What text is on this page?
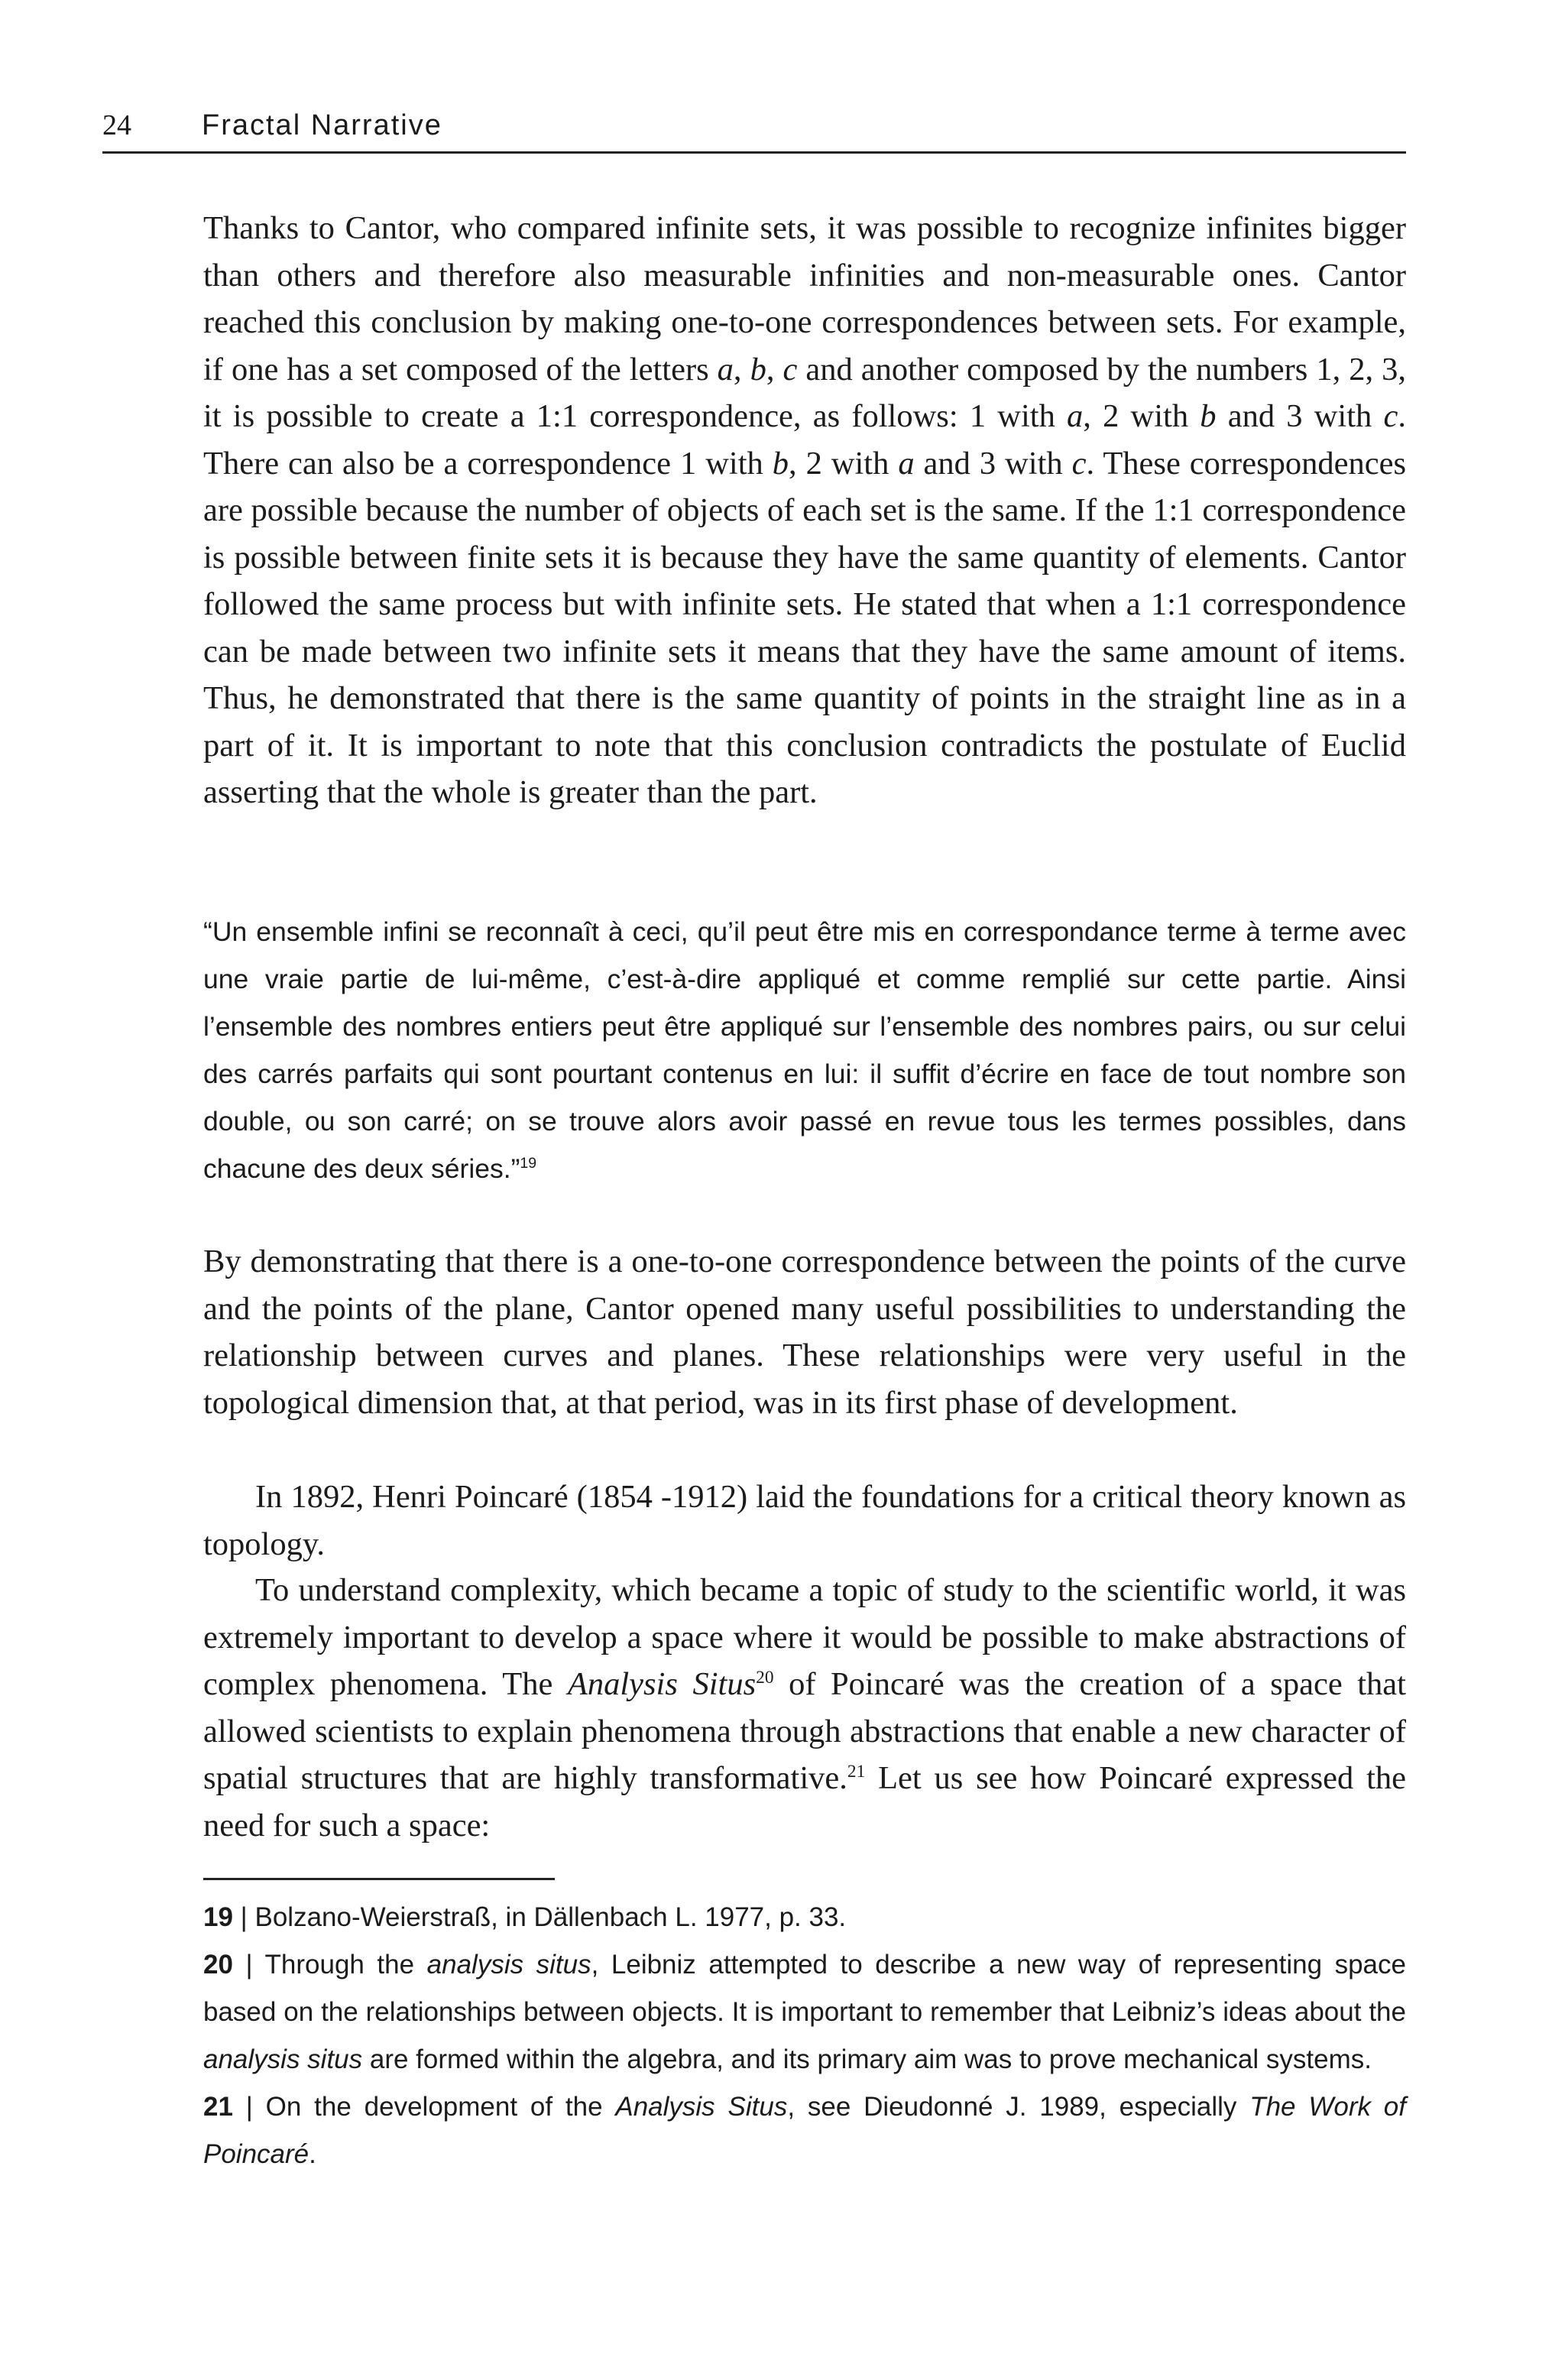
24 Fractal Narrative

Thanks to Cantor, who compared infinite sets, it was possible to recognize infinites bigger than others and therefore also measurable infinities and non-measurable ones. Cantor reached this conclusion by making one-to-one correspondences between sets. For example, if one has a set composed of the letters a, b, c and another composed by the numbers 1, 2, 3, it is possible to create a 1:1 correspondence, as follows: 1 with a, 2 with b and 3 with c. There can also be a correspondence 1 with b, 2 with a and 3 with c. These correspondences are possible because the number of objects of each set is the same. If the 1:1 correspondence is possible between finite sets it is because they have the same quantity of elements. Cantor followed the same process but with infinite sets. He stated that when a 1:1 correspondence can be made between two infinite sets it means that they have the same amount of items. Thus, he demonstrated that there is the same quantity of points in the straight line as in a part of it. It is important to note that this conclusion contradicts the postulate of Euclid asserting that the whole is greater than the part.

“Un ensemble infini se reconnaît à ceci, qu’il peut être mis en correspondance terme à terme avec une vraie partie de lui-même, c’est-à-dire appliqué et comme remplié sur cette partie. Ainsi l’ensemble des nombres entiers peut être appliqué sur l’ensemble des nombres pairs, ou sur celui des carrés parfaits qui sont pourtant contenus en lui: il suffit d’écrire en face de tout nombre son double, ou son carré; on se trouve alors avoir passé en revue tous les termes possibles, dans chacune des deux séries.”$^{19}$

By demonstrating that there is a one-to-one correspondence between the points of the curve and the points of the plane, Cantor opened many useful possibilities to understanding the relationship between curves and planes. These relationships were very useful in the topological dimension that, at that period, was in its first phase of development.

In 1892, Henri Poincaré (1854 -1912) laid the foundations for a critical theory known as topology.

To understand complexity, which became a topic of study to the scientific world, it was extremely important to develop a space where it would be possible to make abstractions of complex phenomena. The Analysis Situs$^{20}$ of Poincaré was the creation of a space that allowed scientists to explain phenomena through abstractions that enable a new character of spatial structures that are highly transformative.$^{21}$ Let us see how Poincaré expressed the need for such a space:

19 | Bolzano-Weierstraß, in Dällenbach L. 1977, p. 33.

20 | Through the analysis situs, Leibniz attempted to describe a new way of representing space based on the relationships between objects. It is important to remember that Leibniz’s ideas about the analysis situs are formed within the algebra, and its primary aim was to prove mechanical systems.

21 | On the development of the Analysis Situs, see Dieudonné J. 1989, especially The Work of Poincaré.
